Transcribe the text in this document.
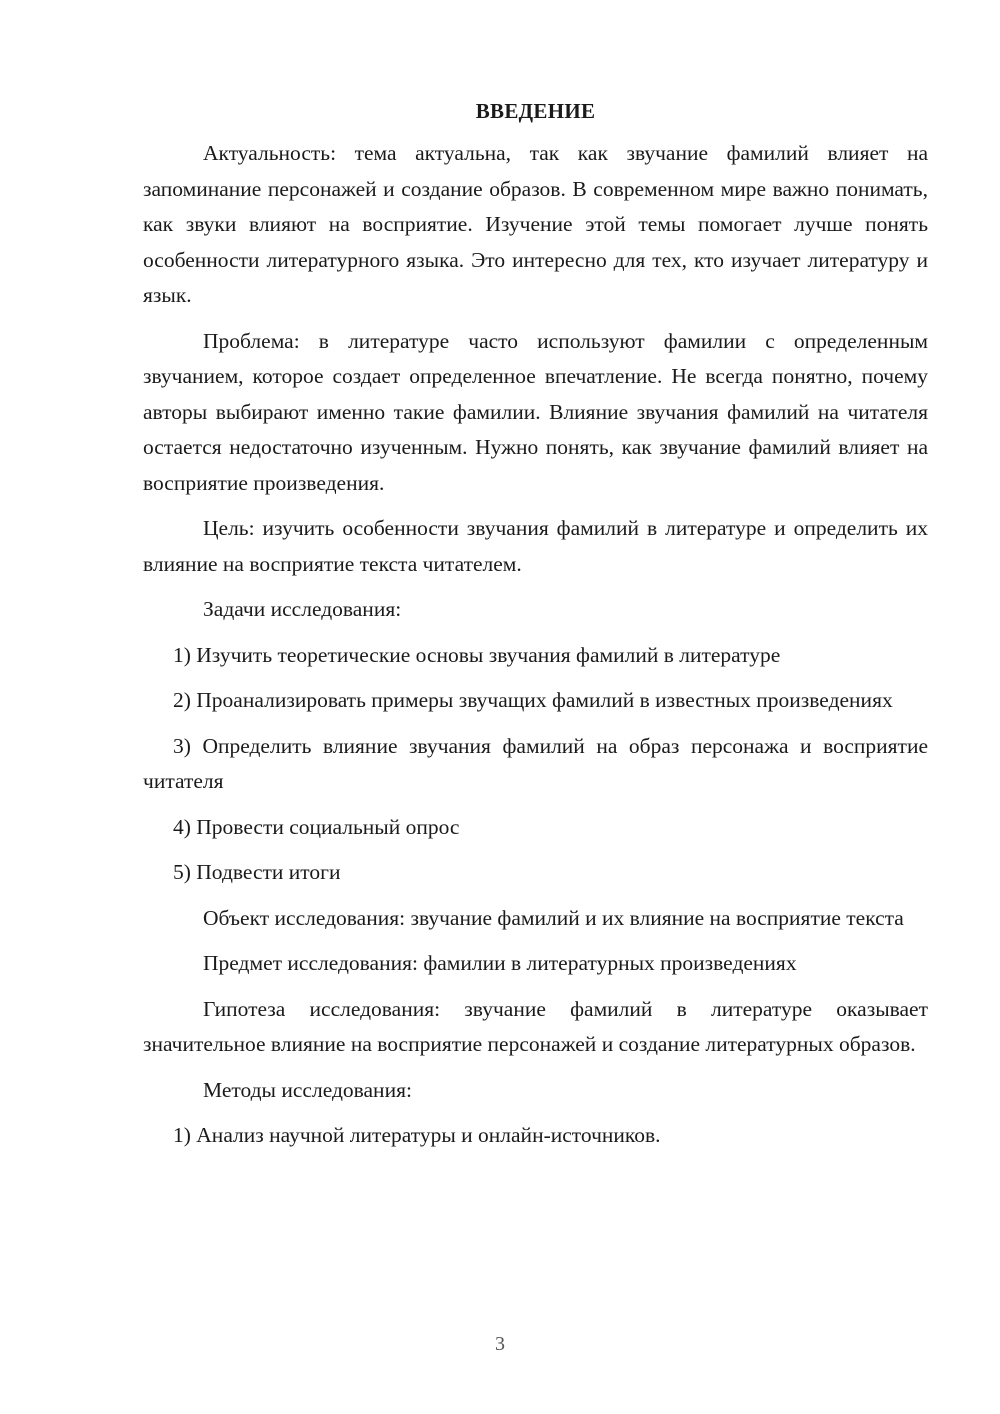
ВВЕДЕНИЕ

Актуальность: тема актуальна, так как звучание фамилий влияет на запоминание персонажей и создание образов. В современном мире важно понимать, как звуки влияют на восприятие. Изучение этой темы помогает лучше понять особенности литературного языка. Это интересно для тех, кто изучает литературу и язык.

Проблема: в литературе часто используют фамилии с определенным звучанием, которое создает определенное впечатление. Не всегда понятно, почему авторы выбирают именно такие фамилии. Влияние звучания фамилий на читателя остается недостаточно изученным. Нужно понять, как звучание фамилий влияет на восприятие произведения.

Цель: изучить особенности звучания фамилий в литературе и определить их влияние на восприятие текста читателем.

Задачи исследования:

1) Изучить теоретические основы звучания фамилий в литературе

2) Проанализировать примеры звучащих фамилий в известных произведениях

3) Определить влияние звучания фамилий на образ персонажа и восприятие читателя

4) Провести социальный опрос

5) Подвести итоги

Объект исследования: звучание фамилий и их влияние на восприятие текста

Предмет исследования: фамилии в литературных произведениях

Гипотеза исследования: звучание фамилий в литературе оказывает значительное влияние на восприятие персонажей и создание литературных образов.

Методы исследования:

1) Анализ научной литературы и онлайн-источников.

3
